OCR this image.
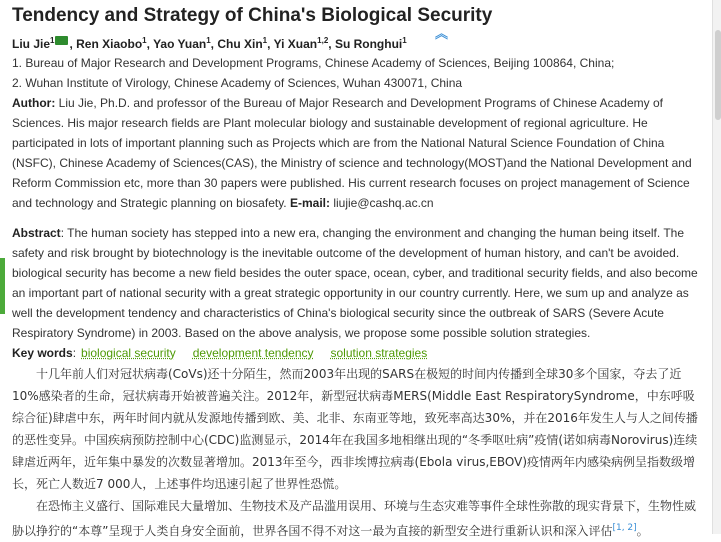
Tendency and Strategy of China's Biological Security
Liu Jie$^1$ , Ren Xiaobo$^1$, Yao Yuan$^1$, Chu Xin$^1$, Yi Xuan$^{1,2}$, Su Ronghui$^1$ ︽
1. Bureau of Major Research and Development Programs, Chinese Academy of Sciences, Beijing 100864, China;
2. Wuhan Institute of Virology, Chinese Academy of Sciences, Wuhan 430071, China
Author: Liu Jie, Ph.D. and professor of the Bureau of Major Research and Development Programs of Chinese Academy of Sciences. His major research fields are Plant molecular biology and sustainable development of regional agriculture. He participated in lots of important planning such as Projects which are from the National Natural Science Foundation of China (NSFC), Chinese Academy of Sciences(CAS), the Ministry of science and technology(MOST)and the National Development and Reform Commission etc, more than 30 papers were published. His current research focuses on project management of Science and technology and Strategic planning on biosafety. E-mail: liujie@cashq.ac.cn
Abstract: The human society has stepped into a new era, changing the environment and changing the human being itself. The safety and risk brought by biotechnology is the inevitable outcome of the development of human history, and can't be avoided. biological security has become a new field besides the outer space, ocean, cyber, and traditional security fields, and also become an important part of national security with a great strategic opportunity in our country currently. Here, we sum up and analyze as well the development tendency and characteristics of China's biological security since the outbreak of SARS (Severe Acute Respiratory Syndrome) in 2003. Based on the above analysis, we propose some possible solution strategies.
Key words: biological security development tendency solution strategies
十几年前人们对冠状病毒(CoVs)还十分陌生，然而2003年出现的SARS在极短的时间内传播到全球30多个国家，夺去了近10%感染者的生命，冠状病毒开始被普遍关注。2012年，新型冠状病毒MERS(Middle East RespiratorySyndrome，中东呼吸综合征)肆虐中东，两年时间内就从发源地传播到欧、美、北非、东南亚等地，致死率高达30%，并在2016年发生人与人之间传播的恶性变异。中国疾病预防控制中心(CDC)监测显示，2014年在我国多地相继出现的“冬季呕吐病”疫情(诺如病毒Norovirus)连续肆虐近两年，近年集中暴发的次数显著增加。2013年至今，西非埃博拉病毒(Ebola virus,EBOV)疫情两年内感染病例呈指数级增长，死亡人数近7 000人，上述事件均迅速引起了世界性恐慌。
在恐怖主义盛行、国际难民大量增加、生物技术及产品滥用误用、环境与生态灾难等事件全球性弥散的现实背景下，生物性威胁以挣狞的“本尊”呈现于人类自身安全面前，世界各国不得不对这一最为直接的新型安全进行重新认识和深入评估[1, 2]。
